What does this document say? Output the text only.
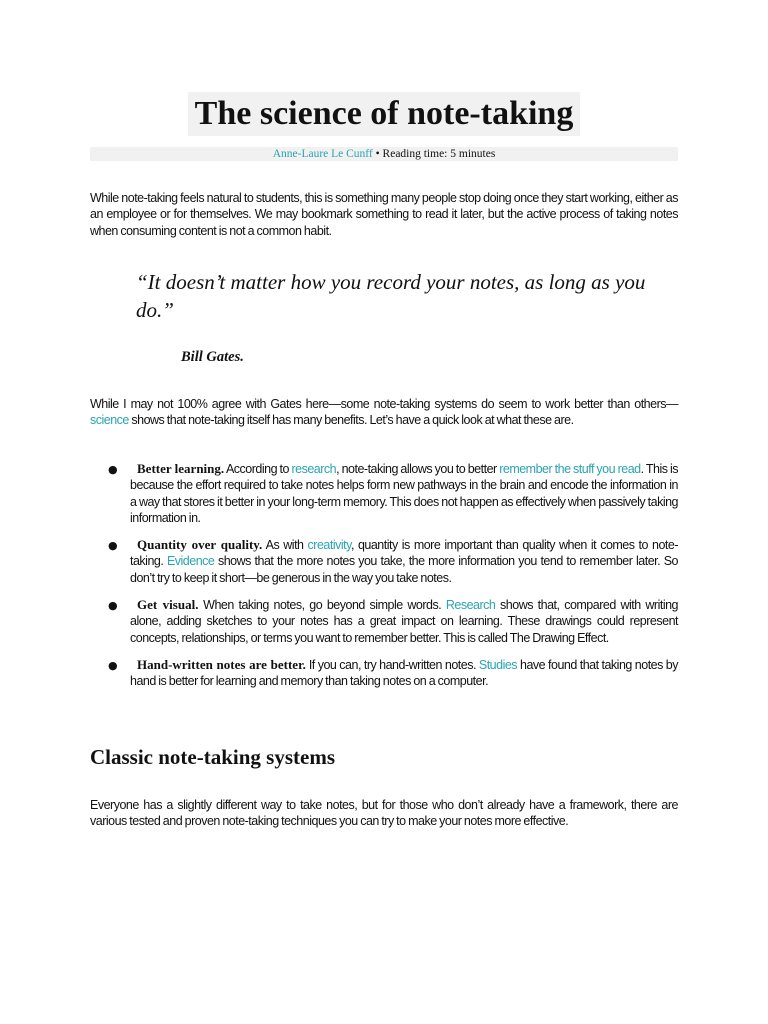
The science of note-taking
Anne-Laure Le Cunff • Reading time: 5 minutes

While note-taking feels natural to students, this is something many people stop doing once they start working, either as an employee or for themselves. We may bookmark something to read it later, but the active process of taking notes when consuming content is not a common habit.

“It doesn’t matter how you record your notes, as long as you do.”

Bill Gates.

While I may not 100% agree with Gates here—some note-taking systems do seem to work better than others—science shows that note-taking itself has many benefits. Let’s have a quick look at what these are.

●	Better learning. According to research, note-taking allows you to better remember the stuff you read. This is because the effort required to take notes helps form new pathways in the brain and encode the information in a way that stores it better in your long-term memory. This does not happen as effectively when passively taking information in.

●	Quantity over quality. As with creativity, quantity is more important than quality when it comes to note-taking. Evidence shows that the more notes you take, the more information you tend to remember later. So don’t try to keep it short—be generous in the way you take notes.

●	Get visual. When taking notes, go beyond simple words. Research shows that, compared with writing alone, adding sketches to your notes has a great impact on learning. These drawings could represent concepts, relationships, or terms you want to remember better. This is called The Drawing Effect.

●	Hand-written notes are better. If you can, try hand-written notes. Studies have found that taking notes by hand is better for learning and memory than taking notes on a computer.

Classic note-taking systems

Everyone has a slightly different way to take notes, but for those who don’t already have a framework, there are various tested and proven note-taking techniques you can try to make your notes more effective.
